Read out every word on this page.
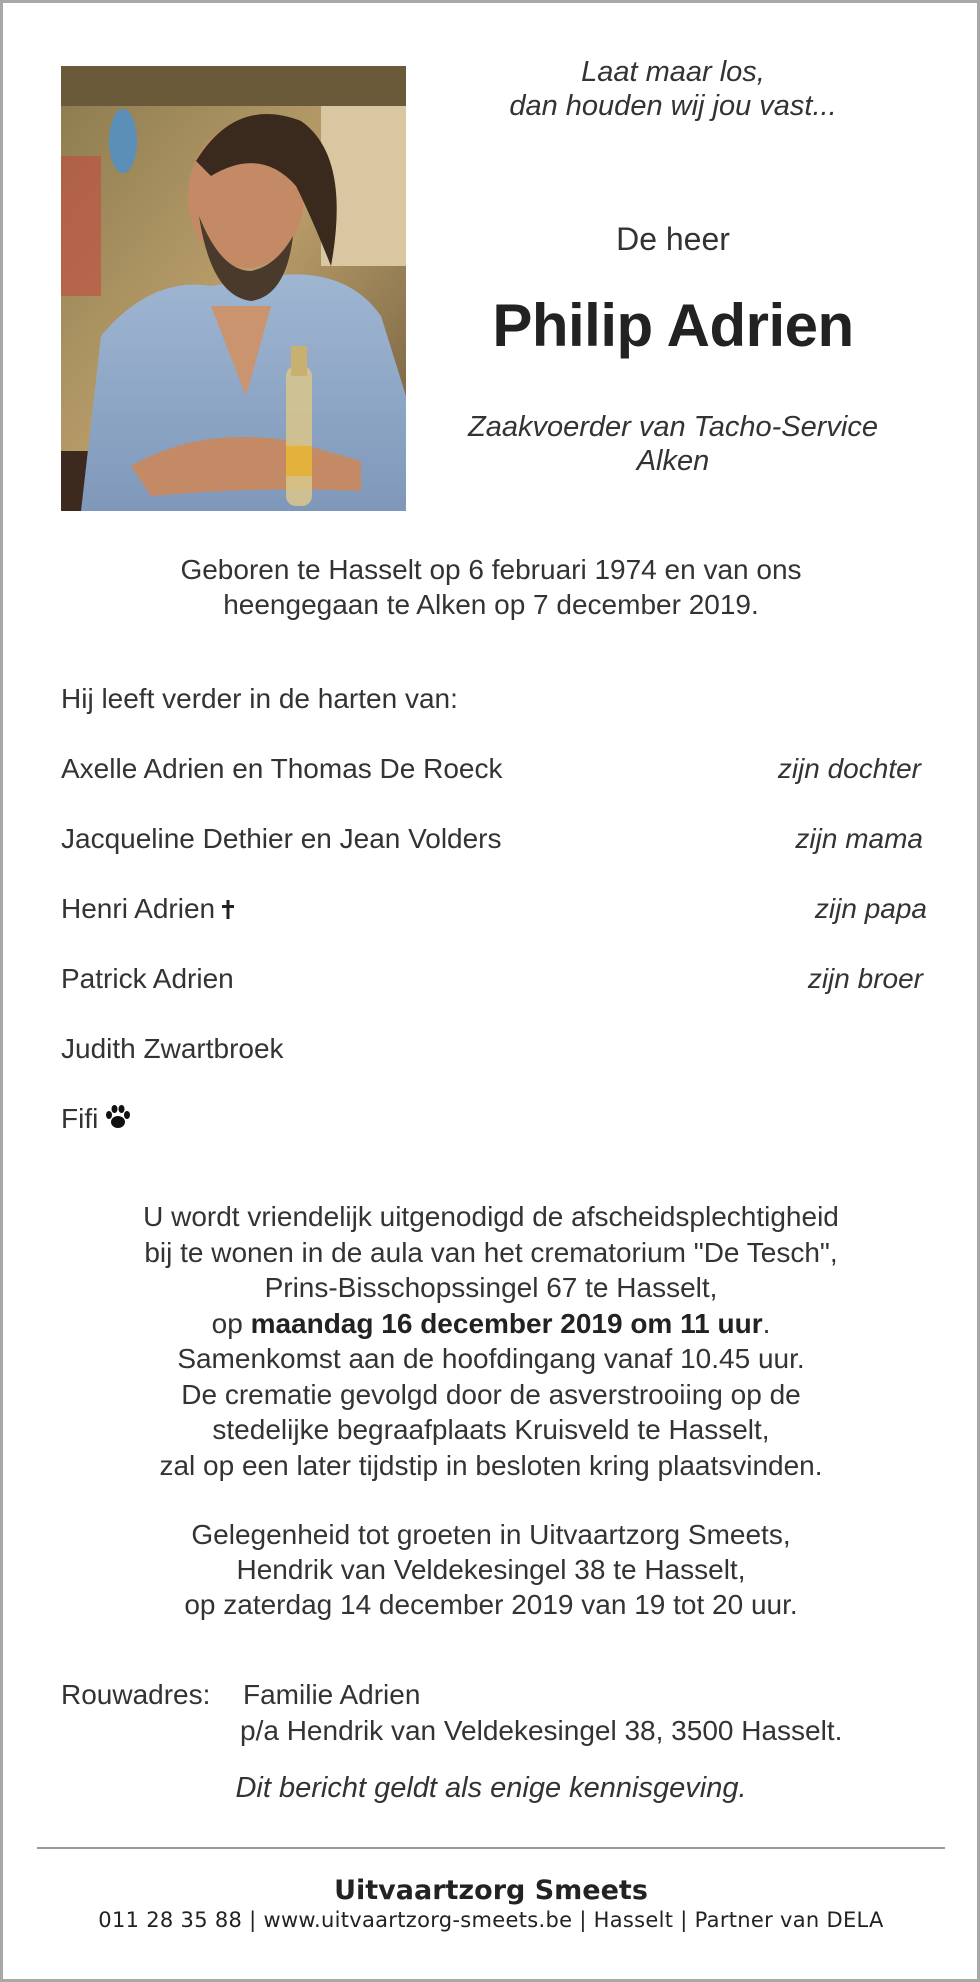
Laat maar los,
dan houden wij jou vast...
De heer
Philip Adrien
Zaakvoerder van Tacho-Service
Alken
Geboren te Hasselt op 6 februari 1974 en van ons
heengegaan te Alken op 7 december 2019.
Hij leeft verder in de harten van:
Axelle Adrien en Thomas De Roeck	zijn dochter
Jacqueline Dethier en Jean Volders	zijn mama
Henri Adrien	zijn papa
Patrick Adrien	zijn broer
Judith Zwartbroek
Fifi
U wordt vriendelijk uitgenodigd de afscheidsplechtigheid
bij te wonen in de aula van het crematorium "De Tesch",
Prins-Bisschopssingel 67 te Hasselt,
op maandag 16 december 2019 om 11 uur.
Samenkomst aan de hoofdingang vanaf 10.45 uur.
De crematie gevolgd door de asverstrooiing op de
stedelijke begraafplaats Kruisveld te Hasselt,
zal op een later tijdstip in besloten kring plaatsvinden.
Gelegenheid tot groeten in Uitvaartzorg Smeets,
Hendrik van Veldekesingel 38 te Hasselt,
op zaterdag 14 december 2019 van 19 tot 20 uur.
Rouwadres: Familie Adrien
p/a Hendrik van Veldekesingel 38, 3500 Hasselt.
Dit bericht geldt als enige kennisgeving.
Uitvaartzorg Smeets
011 28 35 88 | www.uitvaartzorg-smeets.be | Hasselt | Partner van DELA
